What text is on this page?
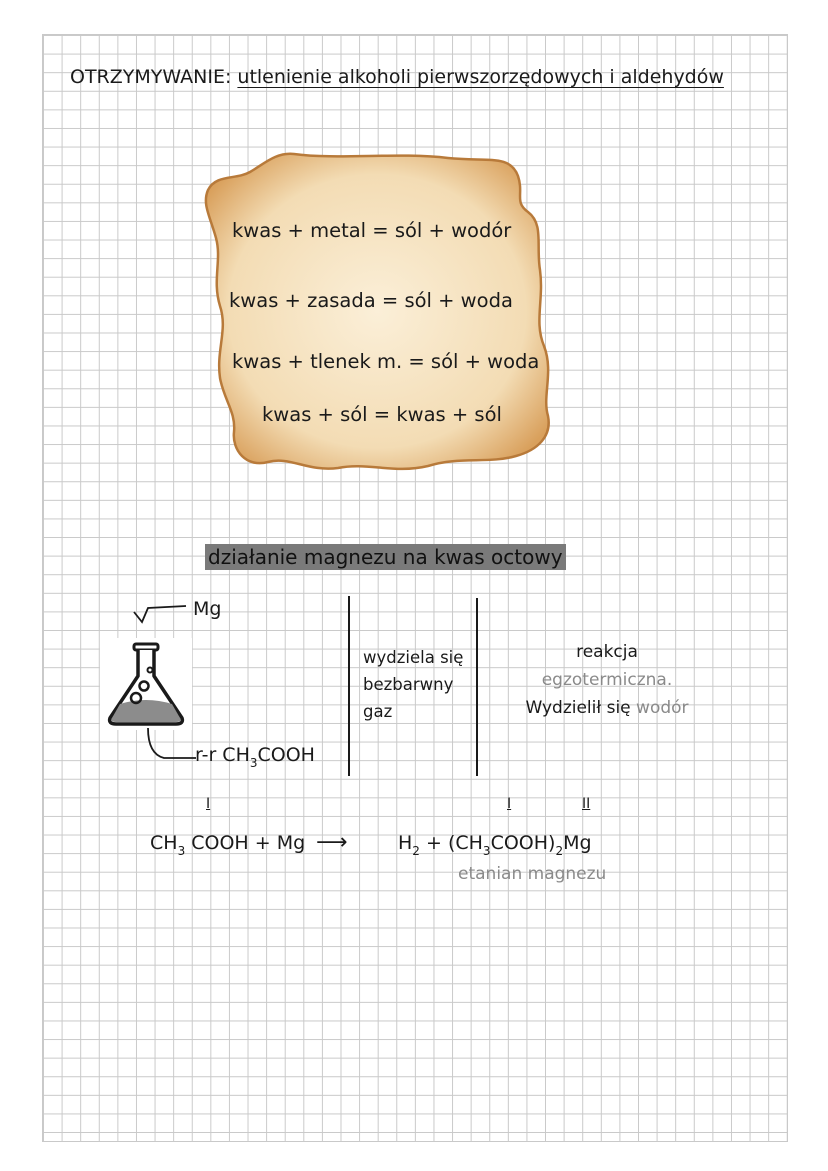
OTRZYMYWANIE: utlenienie alkoholi pierwszorzędowych i aldehydów
kwas + metal = sól + wodór
kwas + zasada = sól + woda
kwas + tlenek m. = sól + woda
kwas + sól = kwas + sól
działanie magnezu na kwas octowy
Mg
r-r $CH_3COOH$
wydziela się
bezbarwny
gaz
reakcja
egzotermiczna.
Wydzielił się wodór
I	I	II
$CH_3$ COOH + Mg ⟶	$H_2$ + $(CH_3COOH)_2Mg$
etanian magnezu
